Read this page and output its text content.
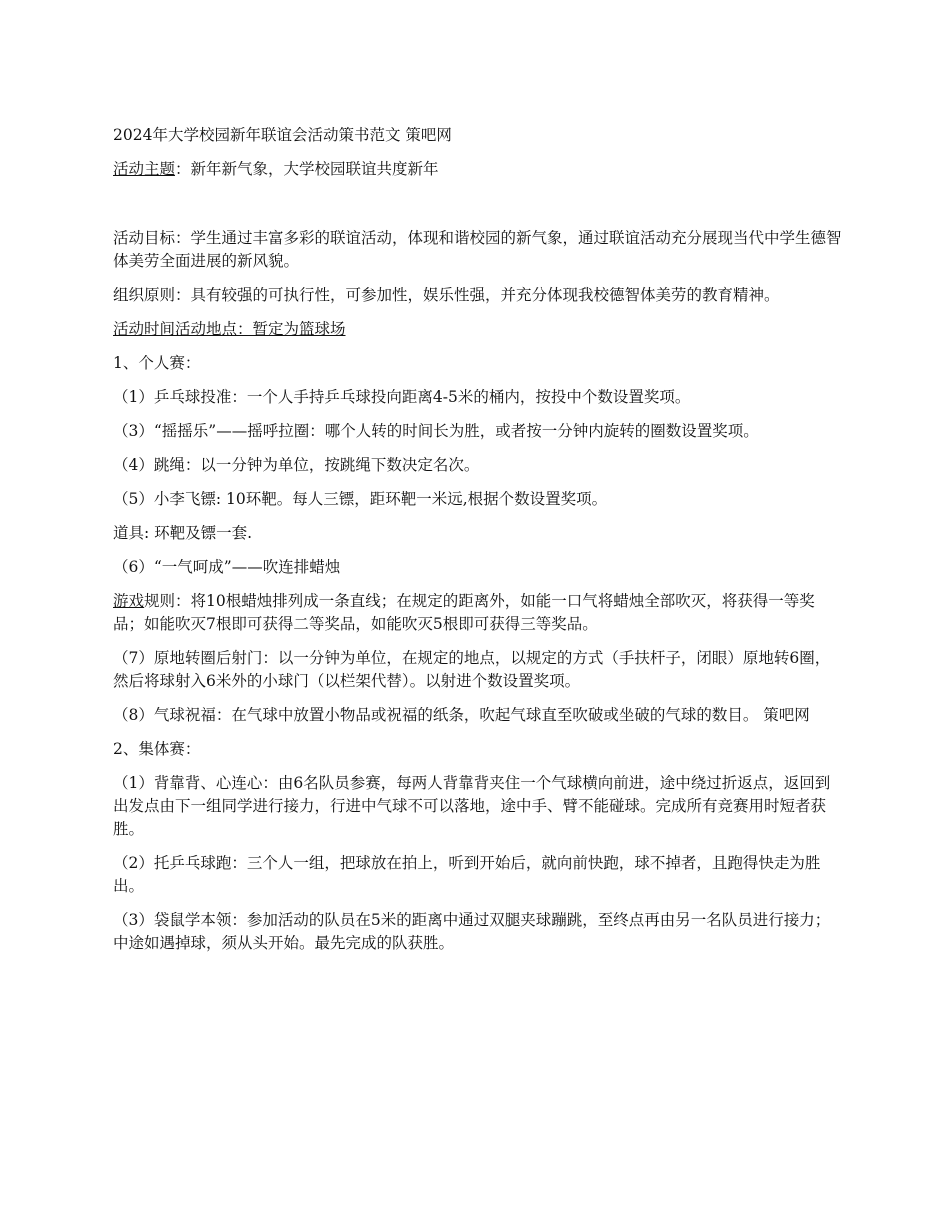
2024年大学校园新年联谊会活动策书范文 策吧网

活动主题：新年新气象，大学校园联谊共度新年

活动目标：学生通过丰富多彩的联谊活动，体现和谐校园的新气象，通过联谊活动充分展现当代中学生德智体美劳全面进展的新风貌。

组织原则：具有较强的可执行性，可参加性，娱乐性强，并充分体现我校德智体美劳的教育精神。

活动时间活动地点：暂定为篮球场

1、个人赛：

（1）乒乓球投准：一个人手持乒乓球投向距离4-5米的桶内，按投中个数设置奖项。

（3）“摇摇乐”——摇呼拉圈：哪个人转的时间长为胜，或者按一分钟内旋转的圈数设置奖项。

（4）跳绳：以一分钟为单位，按跳绳下数决定名次。

（5）小李飞镖: 10环靶。每人三镖，距环靶一米远,根据个数设置奖项。

道具: 环靶及镖一套.

（6）“一气呵成”——吹连排蜡烛

游戏规则：将10根蜡烛排列成一条直线；在规定的距离外，如能一口气将蜡烛全部吹灭，将获得一等奖品；如能吹灭7根即可获得二等奖品，如能吹灭5根即可获得三等奖品。

（7）原地转圈后射门：以一分钟为单位，在规定的地点，以规定的方式（手扶杆子，闭眼）原地转6圈，然后将球射入6米外的小球门（以栏架代替）。以射进个数设置奖项。

（8）气球祝福：在气球中放置小物品或祝福的纸条，吹起气球直至吹破或坐破的气球的数目。 策吧网

2、集体赛：

（1）背靠背、心连心：由6名队员参赛，每两人背靠背夹住一个气球横向前进，途中绕过折返点，返回到出发点由下一组同学进行接力，行进中气球不可以落地，途中手、臂不能碰球。完成所有竞赛用时短者获胜。

（2）托乒乓球跑：三个人一组，把球放在拍上，听到开始后，就向前快跑，球不掉者，且跑得快走为胜出。

（3）袋鼠学本领：参加活动的队员在5米的距离中通过双腿夹球蹦跳，至终点再由另一名队员进行接力；中途如遇掉球，须从头开始。最先完成的队获胜。
